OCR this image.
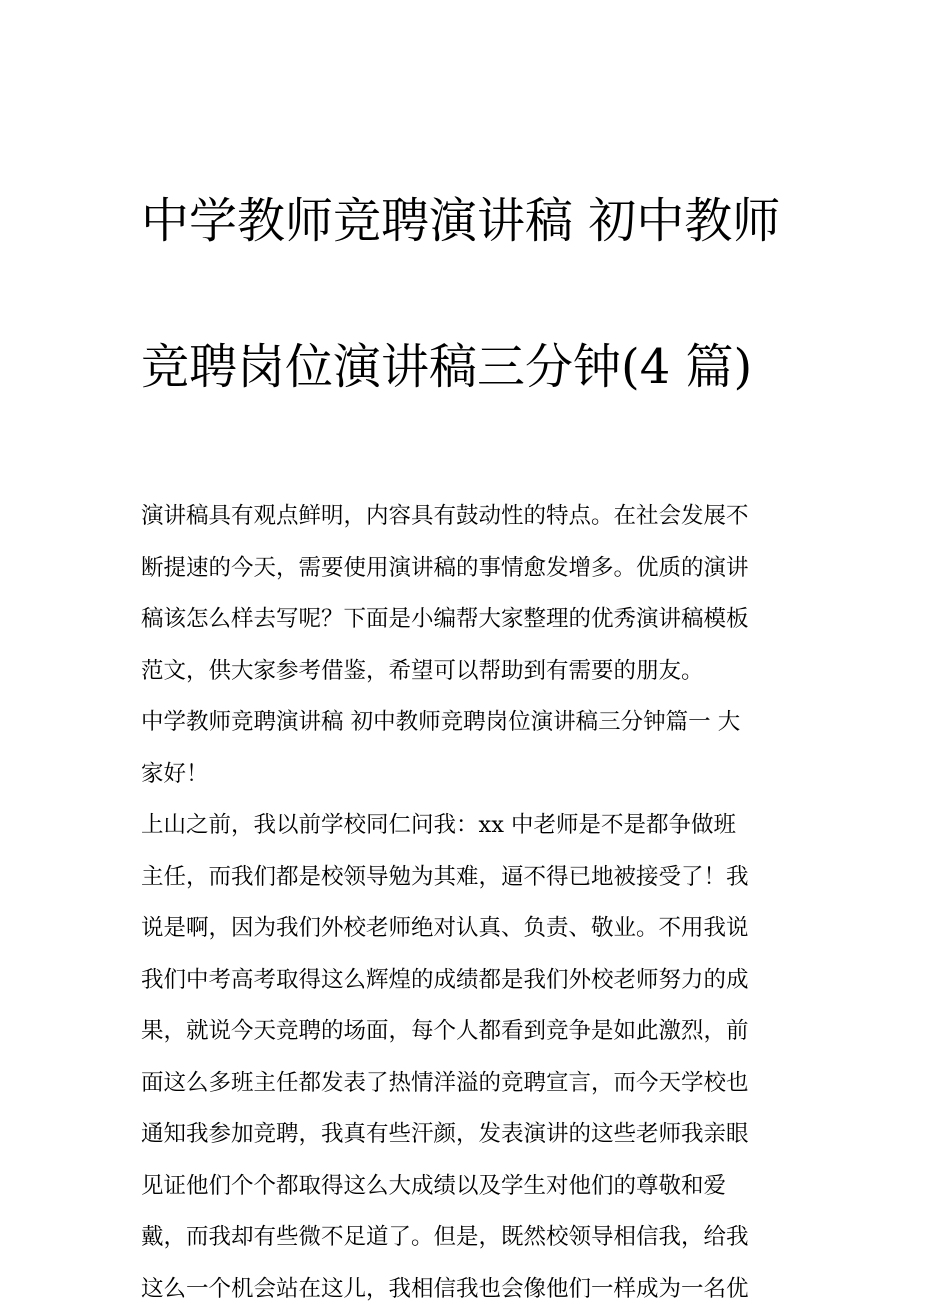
中学教师竞聘演讲稿 初中教师

竞聘岗位演讲稿三分钟(4 篇)

演讲稿具有观点鲜明，内容具有鼓动性的特点。在社会发展不
断提速的今天，需要使用演讲稿的事情愈发增多。优质的演讲
稿该怎么样去写呢？下面是小编帮大家整理的优秀演讲稿模板
范文，供大家参考借鉴，希望可以帮助到有需要的朋友。

中学教师竞聘演讲稿 初中教师竞聘岗位演讲稿三分钟篇一 大
家好！

上山之前，我以前学校同仁问我：xx 中老师是不是都争做班
主任，而我们都是校领导勉为其难，逼不得已地被接受了！我
说是啊，因为我们外校老师绝对认真、负责、敬业。不用我说
我们中考高考取得这么辉煌的成绩都是我们外校老师努力的成
果，就说今天竞聘的场面，每个人都看到竞争是如此激烈，前
面这么多班主任都发表了热情洋溢的竞聘宣言，而今天学校也
通知我参加竞聘，我真有些汗颜，发表演讲的这些老师我亲眼
见证他们个个都取得这么大成绩以及学生对他们的尊敬和爱
戴，而我却有些微不足道了。但是，既然校领导相信我，给我
这么一个机会站在这儿，我相信我也会像他们一样成为一名优
